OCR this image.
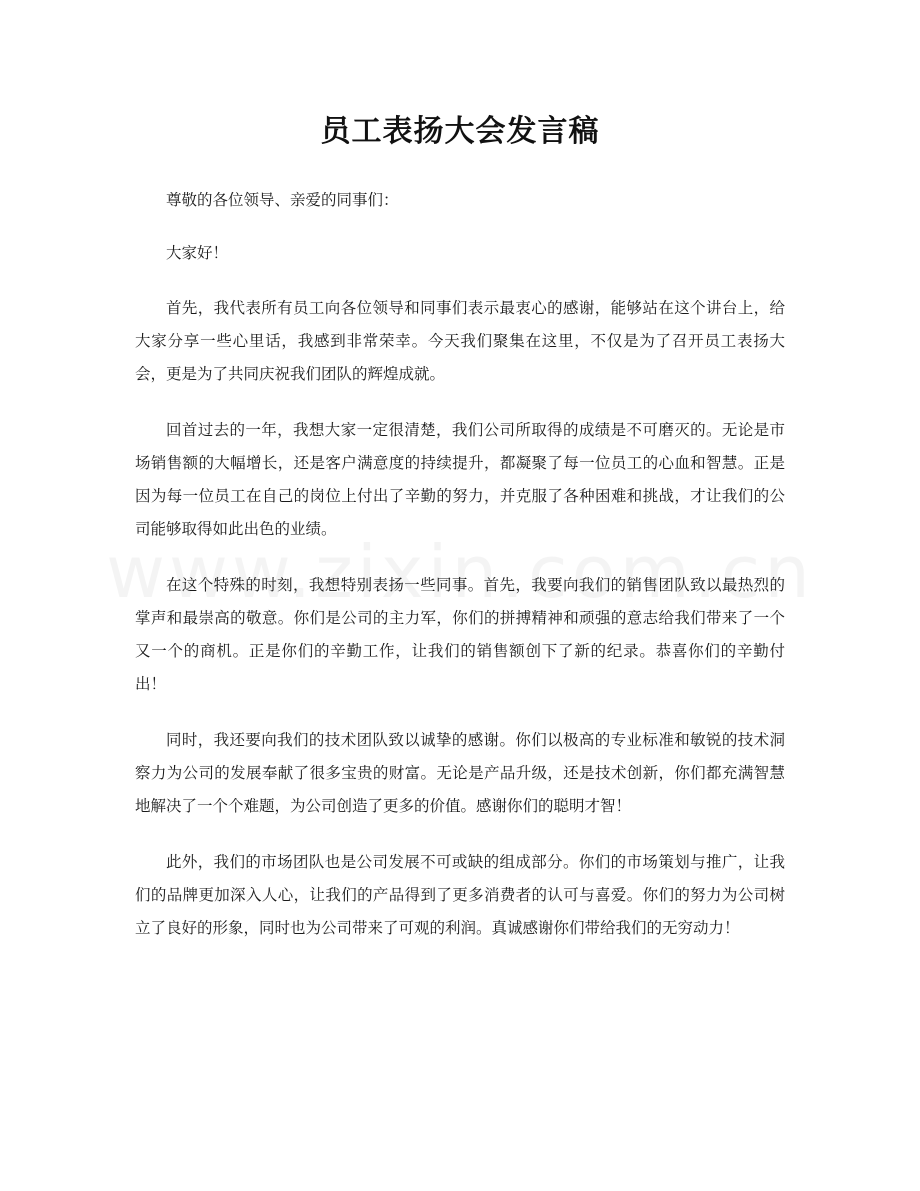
员工表扬大会发言稿

尊敬的各位领导、亲爱的同事们：

大家好！

首先，我代表所有员工向各位领导和同事们表示最衷心的感谢，能够站在这个讲台上，给大家分享一些心里话，我感到非常荣幸。今天我们聚集在这里，不仅是为了召开员工表扬大会，更是为了共同庆祝我们团队的辉煌成就。

回首过去的一年，我想大家一定很清楚，我们公司所取得的成绩是不可磨灭的。无论是市场销售额的大幅增长，还是客户满意度的持续提升，都凝聚了每一位员工的心血和智慧。正是因为每一位员工在自己的岗位上付出了辛勤的努力，并克服了各种困难和挑战，才让我们的公司能够取得如此出色的业绩。

在这个特殊的时刻，我想特别表扬一些同事。首先，我要向我们的销售团队致以最热烈的掌声和最崇高的敬意。你们是公司的主力军，你们的拼搏精神和顽强的意志给我们带来了一个又一个的商机。正是你们的辛勤工作，让我们的销售额创下了新的纪录。恭喜你们的辛勤付出！

同时，我还要向我们的技术团队致以诚挚的感谢。你们以极高的专业标准和敏锐的技术洞察力为公司的发展奉献了很多宝贵的财富。无论是产品升级，还是技术创新，你们都充满智慧地解决了一个个难题，为公司创造了更多的价值。感谢你们的聪明才智！

此外，我们的市场团队也是公司发展不可或缺的组成部分。你们的市场策划与推广，让我们的品牌更加深入人心，让我们的产品得到了更多消费者的认可与喜爱。你们的努力为公司树立了良好的形象，同时也为公司带来了可观的利润。真诚感谢你们带给我们的无穷动力！
